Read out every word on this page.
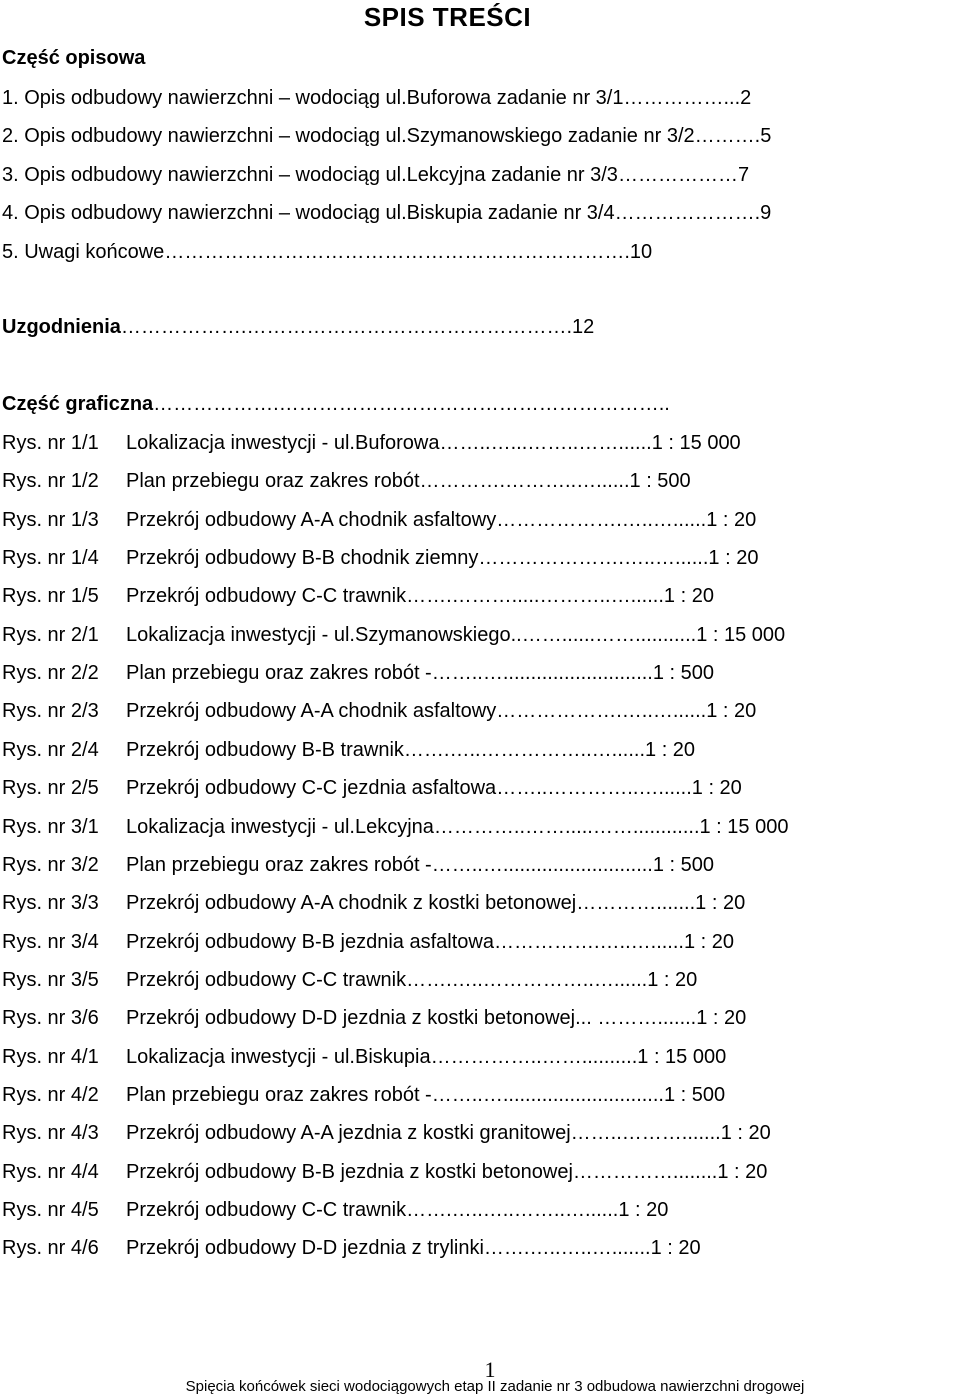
SPIS TREŚCI
Część opisowa
1. Opis odbudowy nawierzchni – wodociąg ul.Buforowa zadanie nr 3/1……………...2
2. Opis odbudowy nawierzchni – wodociąg ul.Szymanowskiego zadanie nr 3/2……….5
3. Opis odbudowy nawierzchni – wodociąg ul.Lekcyjna zadanie nr 3/3………………7
4. Opis odbudowy nawierzchni – wodociąg ul.Biskupia zadanie nr 3/4………………….9
5. Uwagi końcowe…………………………………………………………….10
Uzgodnienia……………….………………………………………….12
Część graficzna……………….…………………………………………………..
Rys. nr 1/1 Lokalizacja inwestycji - ul.Buforowa……..…...……..……......1 : 15 000
Rys. nr 1/2 Plan przebiegu oraz zakres robót………….………..…......1 : 500
Rys. nr 1/3 Przekrój odbudowy A-A chodnik asfaltowy……………….…..…......1 : 20
Rys. nr 1/4 Przekrój odbudowy B-B chodnik ziemny………………….…..…......1 : 20
Rys. nr 1/5 Przekrój odbudowy C-C trawnik…….……….....………..…......1 : 20
Rys. nr 2/1 Lokalizacja inwestycji - ul.Szymanowskiego..……......……...........1 : 15 000
Rys. nr 2/2 Plan przebiegu oraz zakres robót -……..…...........................1 : 500
Rys. nr 2/3 Przekrój odbudowy A-A chodnik asfaltowy……………….…..…......1 : 20
Rys. nr 2/4 Przekrój odbudowy B-B trawnik…….…..……………..…......1 : 20
Rys. nr 2/5 Przekrój odbudowy C-C jezdnia asfaltowa……..…………..…......1 : 20
Rys. nr 3/1 Lokalizacja inwestycji - ul.Lekcyjna…………..…….....……............1 : 15 000
Rys. nr 3/2 Plan przebiegu oraz zakres robót -……..…...........................1 : 500
Rys. nr 3/3 Przekrój odbudowy A-A chodnik z kostki betonowej………….......1 : 20
Rys. nr 3/4 Przekrój odbudowy B-B jezdnia asfaltowa…………….…..…......1 : 20
Rys. nr 3/5 Przekrój odbudowy C-C trawnik…….…..……………..…......1 : 20
Rys. nr 3/6 Przekrój odbudowy D-D jezdnia z kostki betonowej... ……….......1 : 20
Rys. nr 4/1 Lokalizacja inwestycji - ul.Biskupia……………..……..........1 : 15 000
Rys. nr 4/2 Plan przebiegu oraz zakres robót -……..….............................1 : 500
Rys. nr 4/3 Przekrój odbudowy A-A jezdnia z kostki granitowej……..……….......1 : 20
Rys. nr 4/4 Przekrój odbudowy B-B jezdnia z kostki betonowej……………........1 : 20
Rys. nr 4/5 Przekrój odbudowy C-C trawnik…….…..…..……..…......1 : 20
Rys. nr 4/6 Przekrój odbudowy D-D jezdnia z trylinki…….…..…..….......1 : 20
1
Spięcia końcówek sieci wodociągowych etap II zadanie nr 3 odbudowa nawierzchni drogowej
